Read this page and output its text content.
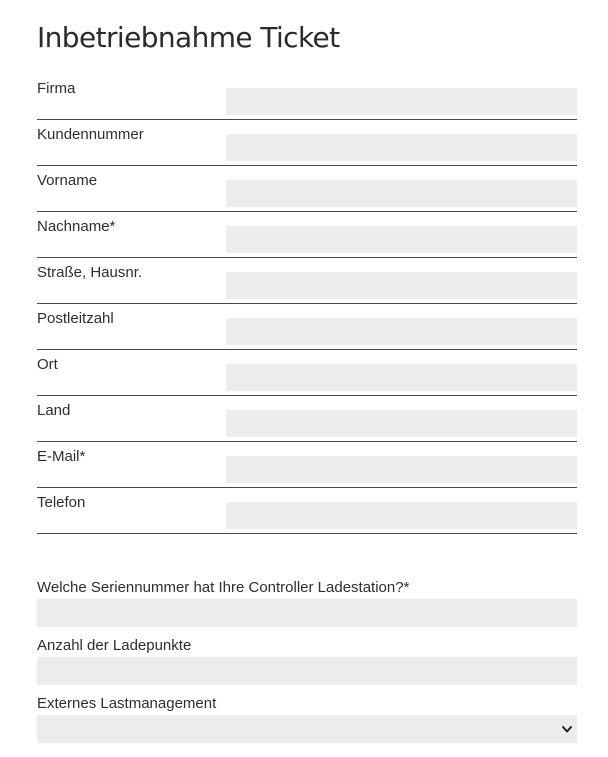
Inbetriebnahme Ticket
Firma
Kundennummer
Vorname
Nachname*
Straße, Hausnr.
Postleitzahl
Ort
Land
E-Mail*
Telefon
Welche Seriennummer hat Ihre Controller Ladestation?*
Anzahl der Ladepunkte
Externes Lastmanagement
